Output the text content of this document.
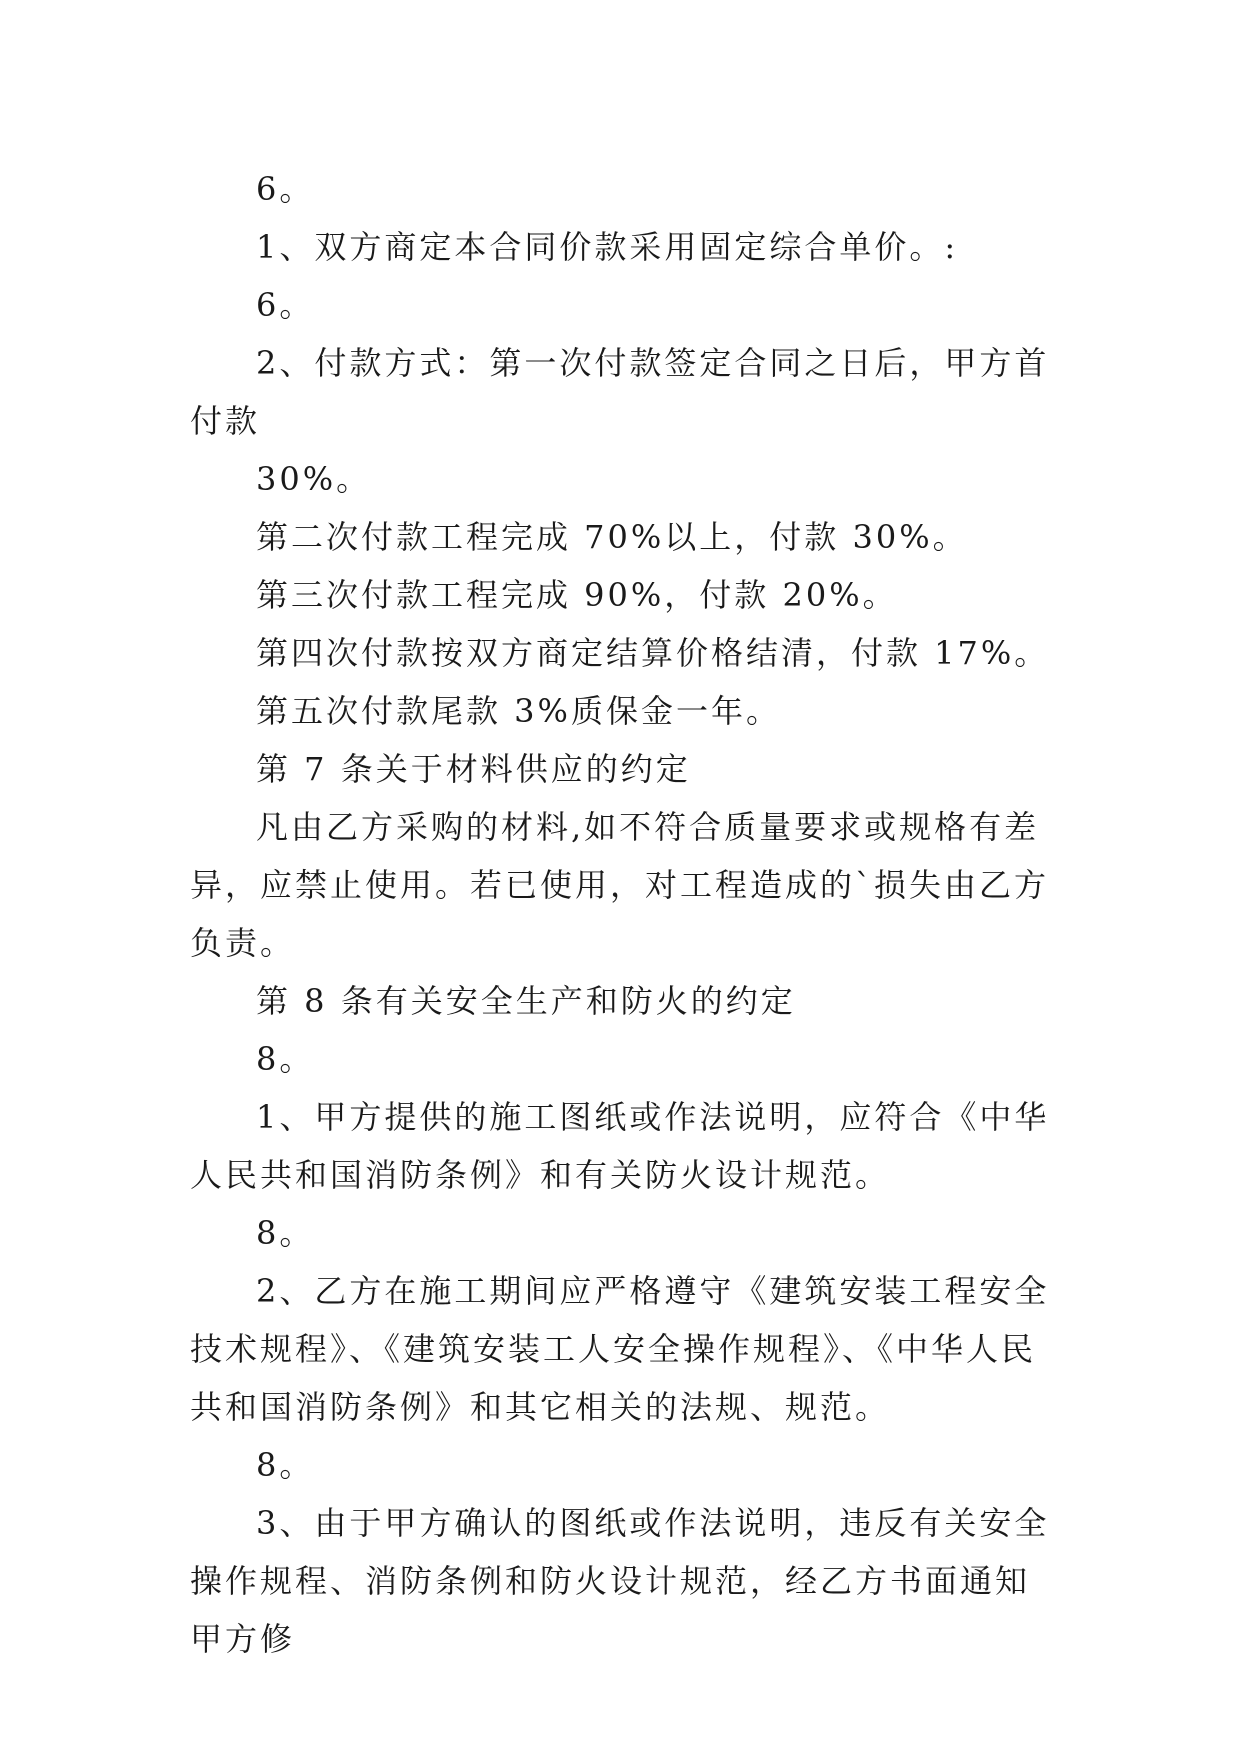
6。

1、双方商定本合同价款采用固定综合单价。:

6。

2、付款方式：第一次付款签定合同之日后，甲方首付款

30%。

第二次付款工程完成 70%以上，付款 30%。

第三次付款工程完成 90%，付款 20%。

第四次付款按双方商定结算价格结清，付款 17%。

第五次付款尾款 3%质保金一年。

第 7 条关于材料供应的约定

凡由乙方采购的材料,如不符合质量要求或规格有差异，应禁止使用。若已使用，对工程造成的`损失由乙方负责。

第 8 条有关安全生产和防火的约定

8。

1、甲方提供的施工图纸或作法说明，应符合《中华人民共和国消防条例》和有关防火设计规范。

8。

2、乙方在施工期间应严格遵守《建筑安装工程安全技术规程》、《建筑安装工人安全操作规程》、《中华人民共和国消防条例》和其它相关的法规、规范。

8。

3、由于甲方确认的图纸或作法说明，违反有关安全操作规程、消防条例和防火设计规范，经乙方书面通知甲方修
